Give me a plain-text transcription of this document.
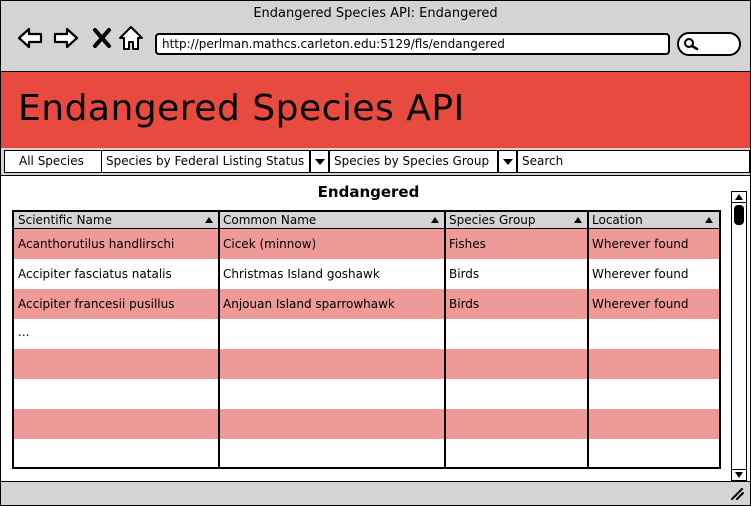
Endangered Species API: Endangered
http://perlman.mathcs.carleton.edu:5129/fls/endangered
Endangered Species API
All Species	Species by Federal Listing Status	Species by Species Group	Search
Endangered
Scientific Name	Common Name	Species Group	Location
Acanthorutilus handlirschi	Cicek (minnow)	Fishes	Wherever found
Accipiter fasciatus natalis	Christmas Island goshawk	Birds	Wherever found
Accipiter francesii pusillus	Anjouan Island sparrowhawk	Birds	Wherever found
...
